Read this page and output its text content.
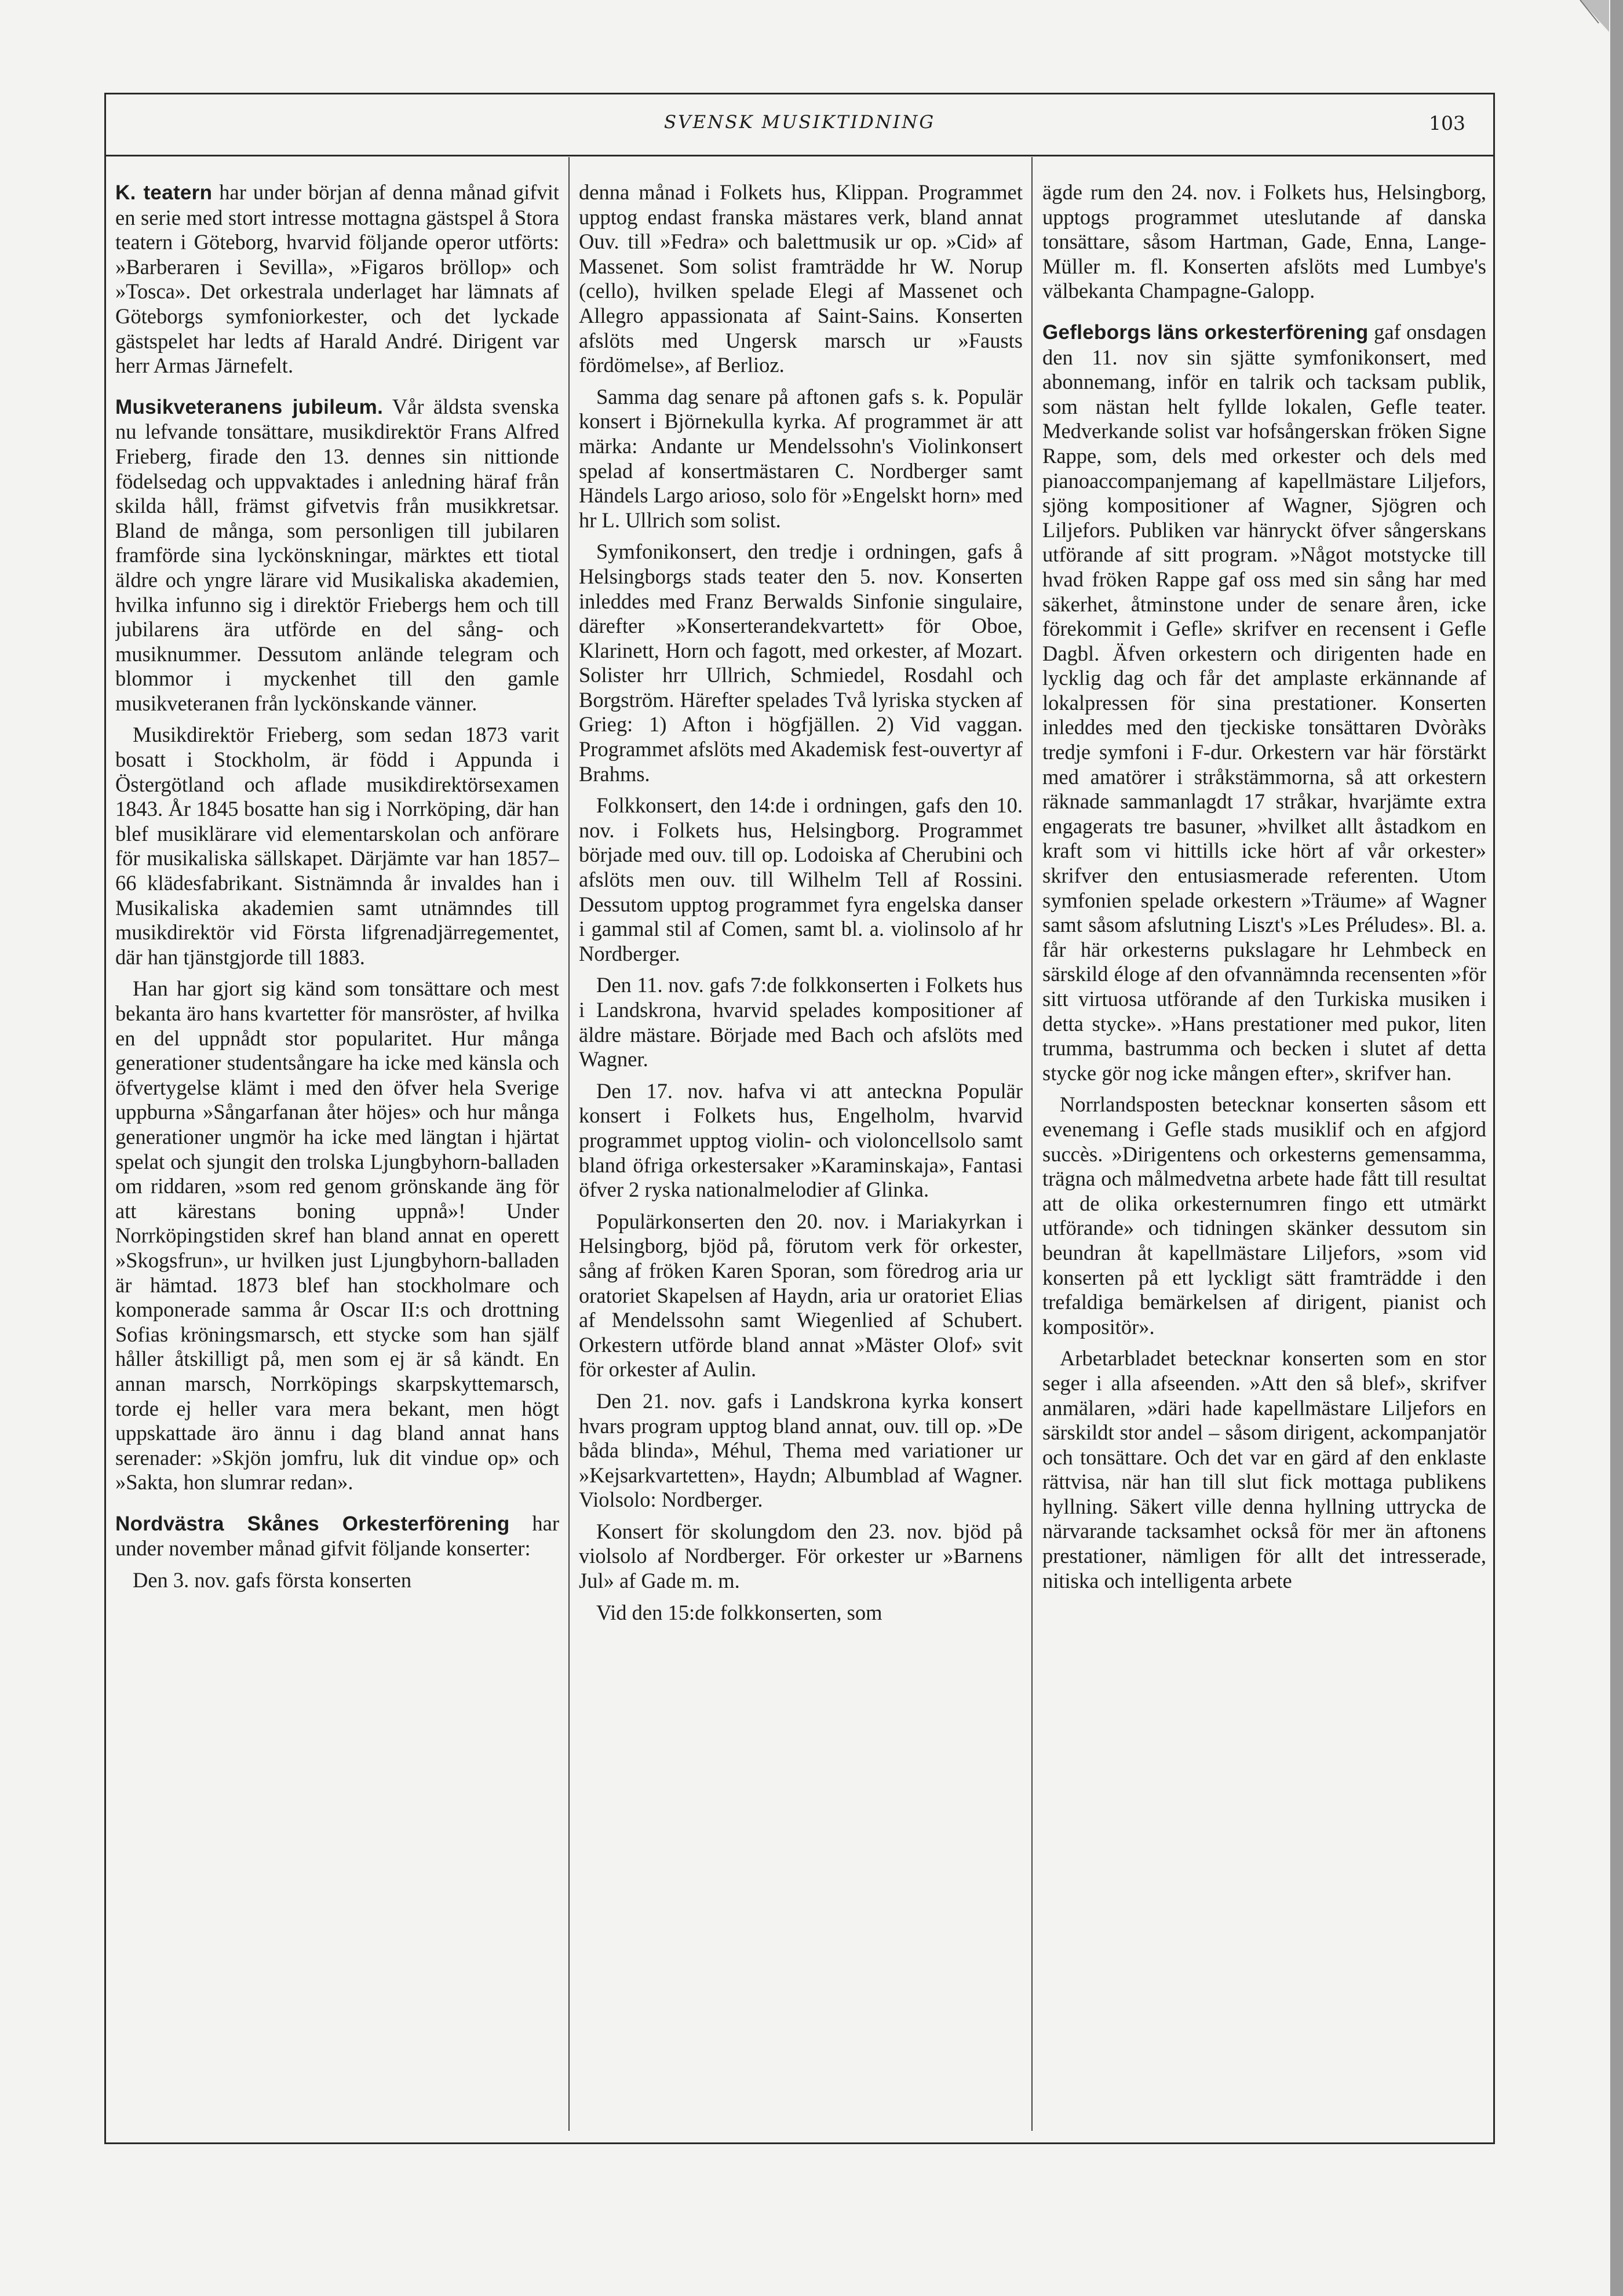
SVENSK MUSIKTIDNING	103

K. teatern har under början af denna månad gifvit en serie med stort intresse mottagna gästspel å Stora teatern i Göteborg, hvarvid följande operor utförts: »Barberaren i Sevilla», »Figaros bröllop» och »Tosca». Det orkestrala underlaget har lämnats af Göteborgs symfoniorkester, och det lyckade gästspelet har ledts af Harald André. Dirigent var herr Armas Järnefelt.

Musikveteranens jubileum. Vår äldsta svenska nu lefvande tonsättare, musikdirektör Frans Alfred Frieberg, firade den 13. dennes sin nittionde födelsedag och uppvaktades i anledning häraf från skilda håll, främst gifvetvis från musikkretsar. Bland de många, som personligen till jubilaren framförde sina lyckönskningar, märktes ett tiotal äldre och yngre lärare vid Musikaliska akademien, hvilka infunno sig i direktör Friebergs hem och till jubilarens ära utförde en del sång- och musiknummer. Dessutom anlände telegram och blommor i myckenhet till den gamle musikveteranen från lyckönskande vänner.

Musikdirektör Frieberg, som sedan 1873 varit bosatt i Stockholm, är född i Appunda i Östergötland och aflade musikdirektörsexamen 1843. År 1845 bosatte han sig i Norrköping, där han blef musiklärare vid elementarskolan och anförare för musikaliska sällskapet. Därjämte var han 1857–66 klädesfabrikant. Sistnämnda år invaldes han i Musikaliska akademien samt utnämndes till musikdirektör vid Första lifgrenadjärregementet, där han tjänstgjorde till 1883.

Han har gjort sig känd som tonsättare och mest bekanta äro hans kvartetter för mansröster, af hvilka en del uppnådt stor popularitet. Hur många generationer studentsångare ha icke med känsla och öfvertygelse klämt i med den öfver hela Sverige uppburna »Sångarfanan åter höjes» och hur många generationer ungmör ha icke med längtan i hjärtat spelat och sjungit den trolska Ljungbyhorn-balladen om riddaren, »som red genom grönskande äng för att kärestans boning uppnå»! Under Norrköpingstiden skref han bland annat en operett »Skogsfrun», ur hvilken just Ljungbyhorn-balladen är hämtad. 1873 blef han stockholmare och komponerade samma år Oscar II:s och drottning Sofias kröningsmarsch, ett stycke som han själf håller åtskilligt på, men som ej är så kändt. En annan marsch, Norrköpings skarpskyttemarsch, torde ej heller vara mera bekant, men högt uppskattade äro ännu i dag bland annat hans serenader: »Skjön jomfru, luk dit vindue op» och »Sakta, hon slumrar redan».

Nordvästra Skånes Orkesterförening har under november månad gifvit följande konserter:

Den 3. nov. gafs första konserten

denna månad i Folkets hus, Klippan. Programmet upptog endast franska mästares verk, bland annat Ouv. till »Fedra» och balettmusik ur op. »Cid» af Massenet. Som solist framträdde hr W. Norup (cello), hvilken spelade Elegi af Massenet och Allegro appassionata af Saint-Sains. Konserten afslöts med Ungersk marsch ur »Fausts fördömelse», af Berlioz.

Samma dag senare på aftonen gafs s. k. Populär konsert i Björnekulla kyrka. Af programmet är att märka: Andante ur Mendelssohn's Violinkonsert spelad af konsertmästaren C. Nordberger samt Händels Largo arioso, solo för »Engelskt horn» med hr L. Ullrich som solist.

Symfonikonsert, den tredje i ordningen, gafs å Helsingborgs stads teater den 5. nov. Konserten inleddes med Franz Berwalds Sinfonie singulaire, därefter »Konserterandekvartett» för Oboe, Klarinett, Horn och fagott, med orkester, af Mozart. Solister hrr Ullrich, Schmiedel, Rosdahl och Borgström. Härefter spelades Två lyriska stycken af Grieg: 1) Afton i högfjällen. 2) Vid vaggan. Programmet afslöts med Akademisk fest-ouvertyr af Brahms.

Folkkonsert, den 14:de i ordningen, gafs den 10. nov. i Folkets hus, Helsingborg. Programmet började med ouv. till op. Lodoiska af Cherubini och afslöts men ouv. till Wilhelm Tell af Rossini. Dessutom upptog programmet fyra engelska danser i gammal stil af Comen, samt bl. a. violinsolo af hr Nordberger.

Den 11. nov. gafs 7:de folkkonserten i Folkets hus i Landskrona, hvarvid spelades kompositioner af äldre mästare. Började med Bach och afslöts med Wagner.

Den 17. nov. hafva vi att anteckna Populär konsert i Folkets hus, Engelholm, hvarvid programmet upptog violin- och violoncellsolo samt bland öfriga orkestersaker »Karaminskaja», Fantasi öfver 2 ryska nationalmelodier af Glinka.

Populärkonserten den 20. nov. i Mariakyrkan i Helsingborg, bjöd på, förutom verk för orkester, sång af fröken Karen Sporan, som föredrog aria ur oratoriet Skapelsen af Haydn, aria ur oratoriet Elias af Mendelssohn samt Wiegenlied af Schubert. Orkestern utförde bland annat »Mäster Olof» svit för orkester af Aulin.

Den 21. nov. gafs i Landskrona kyrka konsert hvars program upptog bland annat, ouv. till op. »De båda blinda», Méhul, Thema med variationer ur »Kejsarkvartetten», Haydn; Albumblad af Wagner. Violsolo: Nordberger.

Konsert för skolungdom den 23. nov. bjöd på violsolo af Nordberger. För orkester ur »Barnens Jul» af Gade m. m.

Vid den 15:de folkkonserten, som

ägde rum den 24. nov. i Folkets hus, Helsingborg, upptogs programmet uteslutande af danska tonsättare, såsom Hartman, Gade, Enna, Lange-Müller m. fl. Konserten afslöts med Lumbye's välbekanta Champagne-Galopp.

Gefleborgs läns orkesterförening gaf onsdagen den 11. nov sin sjätte symfonikonsert, med abonnemang, inför en talrik och tacksam publik, som nästan helt fyllde lokalen, Gefle teater. Medverkande solist var hofsångerskan fröken Signe Rappe, som, dels med orkester och dels med pianoaccompanjemang af kapellmästare Liljefors, sjöng kompositioner af Wagner, Sjögren och Liljefors. Publiken var hänryckt öfver sångerskans utförande af sitt program. »Något motstycke till hvad fröken Rappe gaf oss med sin sång har med säkerhet, åtminstone under de senare åren, icke förekommit i Gefle» skrifver en recensent i Gefle Dagbl. Äfven orkestern och dirigenten hade en lycklig dag och får det amplaste erkännande af lokalpressen för sina prestationer. Konserten inleddes med den tjeckiske tonsättaren Dvòràks tredje symfoni i F-dur. Orkestern var här förstärkt med amatörer i stråkstämmorna, så att orkestern räknade sammanlagdt 17 stråkar, hvarjämte extra engagerats tre basuner, »hvilket allt åstadkom en kraft som vi hittills icke hört af vår orkester» skrifver den entusiasmerade referenten. Utom symfonien spelade orkestern »Träume» af Wagner samt såsom afslutning Liszt's »Les Préludes». Bl. a. får här orkesterns pukslagare hr Lehmbeck en särskild éloge af den ofvannämnda recensenten »för sitt virtuosa utförande af den Turkiska musiken i detta stycke». »Hans prestationer med pukor, liten trumma, bastrumma och becken i slutet af detta stycke gör nog icke mången efter», skrifver han.

Norrlandsposten betecknar konserten såsom ett evenemang i Gefle stads musiklif och en afgjord succès. »Dirigentens och orkesterns gemensamma, trägna och målmedvetna arbete hade fått till resultat att de olika orkesternumren fingo ett utmärkt utförande» och tidningen skänker dessutom sin beundran åt kapellmästare Liljefors, »som vid konserten på ett lyckligt sätt framträdde i den trefaldiga bemärkelsen af dirigent, pianist och kompositör».

Arbetarbladet betecknar konserten som en stor seger i alla afseenden. »Att den så blef», skrifver anmälaren, »däri hade kapellmästare Liljefors en särskildt stor andel – såsom dirigent, ackompanjatör och tonsättare. Och det var en gärd af den enklaste rättvisa, när han till slut fick mottaga publikens hyllning. Säkert ville denna hyllning uttrycka de närvarande tacksamhet också för mer än aftonens prestationer, nämligen för allt det intresserade, nitiska och intelligenta arbete
